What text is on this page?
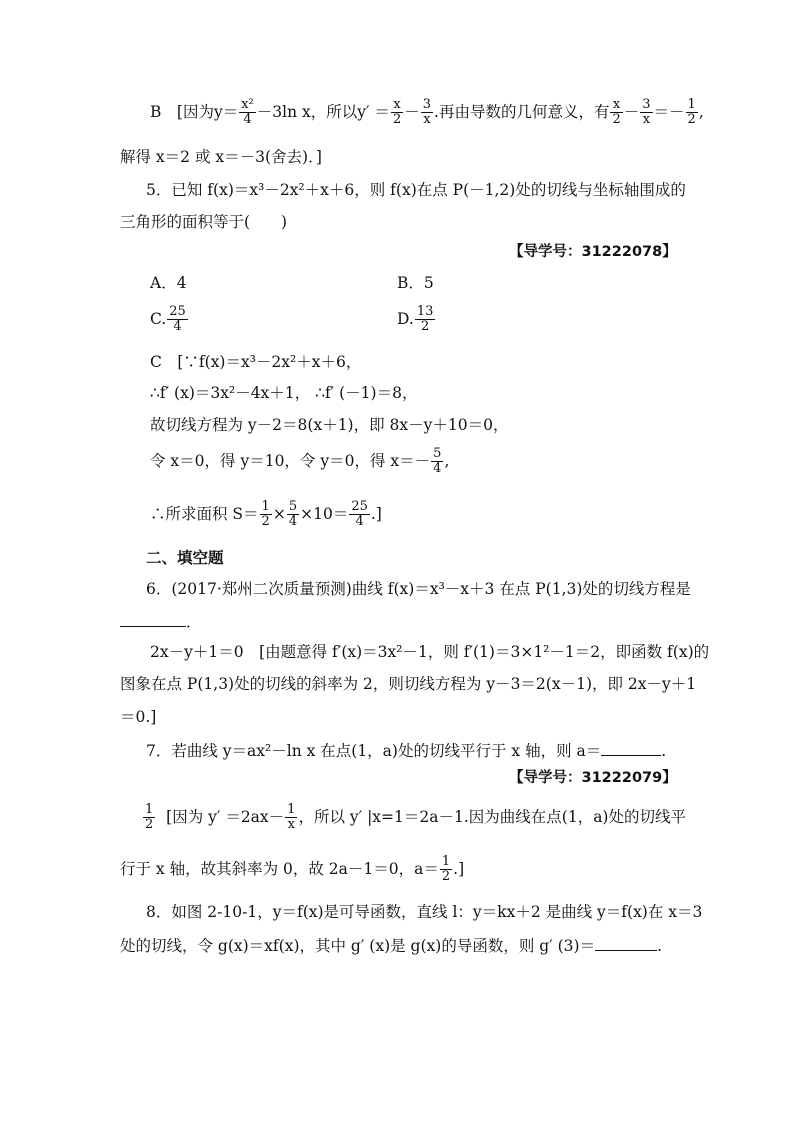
B　[因为$y= \frac{\text{x²}}{4} -3\ln$ x，所以$y' = \frac{x}{2} - \frac{3}{x}$ .再由导数的几何意义，有 $\frac{x}{2} - \frac{3}{x} =- \frac{1}{2}$ ,
解得 x＝2 或 x＝－3(舍去)．]
5．已知 f(x)＝x³－2x²＋x＋6，则 f(x)在点 P(－1,2)处的切线与坐标轴围成的
三角形的面积等于(　　)
【导学号：31222078】
A．4	B．5
C. $\frac{25}{4}$	D. $\frac{13}{2}$
C　[∵f(x)＝x³－2x²＋x＋6，
∴f′ (x)＝3x²－4x＋1， ∴f′ (－1)＝8，
故切线方程为 y－2＝8(x＋1)，即 8x－y＋10＝0，
令 x＝0，得 y＝10，令 y＝0，得 $x=- \frac{5}{4}$ ,
∴所求面积 $S= \frac{1}{2} \times \frac{5}{4} \times 10= \frac{25}{4}$ .]
二、填空题
6．(2017·郑州二次质量预测)曲线 f(x)＝x³－x＋3 在点 P(1,3)处的切线方程是
．
2x－y＋1＝0　[由题意得 f′(x)＝3x²－1，则 f′(1)＝3×1²－1＝2，即函数 f(x)的
图象在点 P(1,3)处的切线的斜率为 2，则切线方程为 y－3＝2(x－1)，即 2x－y＋1
＝0.]
7．若曲线 y＝ax²－ln x 在点(1，a)处的切线平行于 x 轴，则 a＝	.
【导学号：31222079】
$\frac{1}{2}$ [因为 $y' =2ax- \frac{1}{x}$ ，所以 y′ |x=1＝2a－1.因为曲线在点(1，a)处的切线平
行于 x 轴，故其斜率为 0，故 2a－1＝0，$a= \frac{1}{2}$ .]
8．如图 2-10-1，y＝f(x)是可导函数，直线 l：y＝kx＋2 是曲线 y＝f(x)在 x＝3
处的切线，令 g(x)＝xf(x)，其中 g′ (x)是 g(x)的导函数，则 g′ (3)＝	.
